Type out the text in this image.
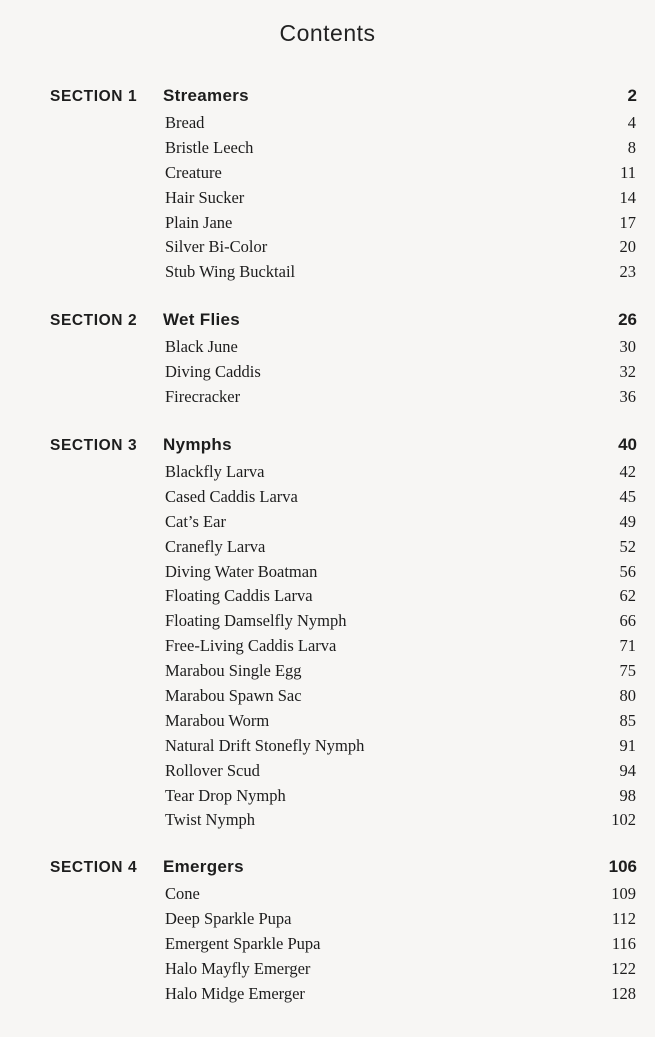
Contents
SECTION 1 Streamers	2
Bread	4
Bristle Leech	8
Creature	11
Hair Sucker	14
Plain Jane	17
Silver Bi-Color	20
Stub Wing Bucktail	23
SECTION 2 Wet Flies	26
Black June	30
Diving Caddis	32
Firecracker	36
SECTION 3 Nymphs	40
Blackfly Larva	42
Cased Caddis Larva	45
Cat’s Ear	49
Cranefly Larva	52
Diving Water Boatman	56
Floating Caddis Larva	62
Floating Damselfly Nymph	66
Free-Living Caddis Larva	71
Marabou Single Egg	75
Marabou Spawn Sac	80
Marabou Worm	85
Natural Drift Stonefly Nymph	91
Rollover Scud	94
Tear Drop Nymph	98
Twist Nymph	102
SECTION 4 Emergers	106
Cone	109
Deep Sparkle Pupa	112
Emergent Sparkle Pupa	116
Halo Mayfly Emerger	122
Halo Midge Emerger	128
